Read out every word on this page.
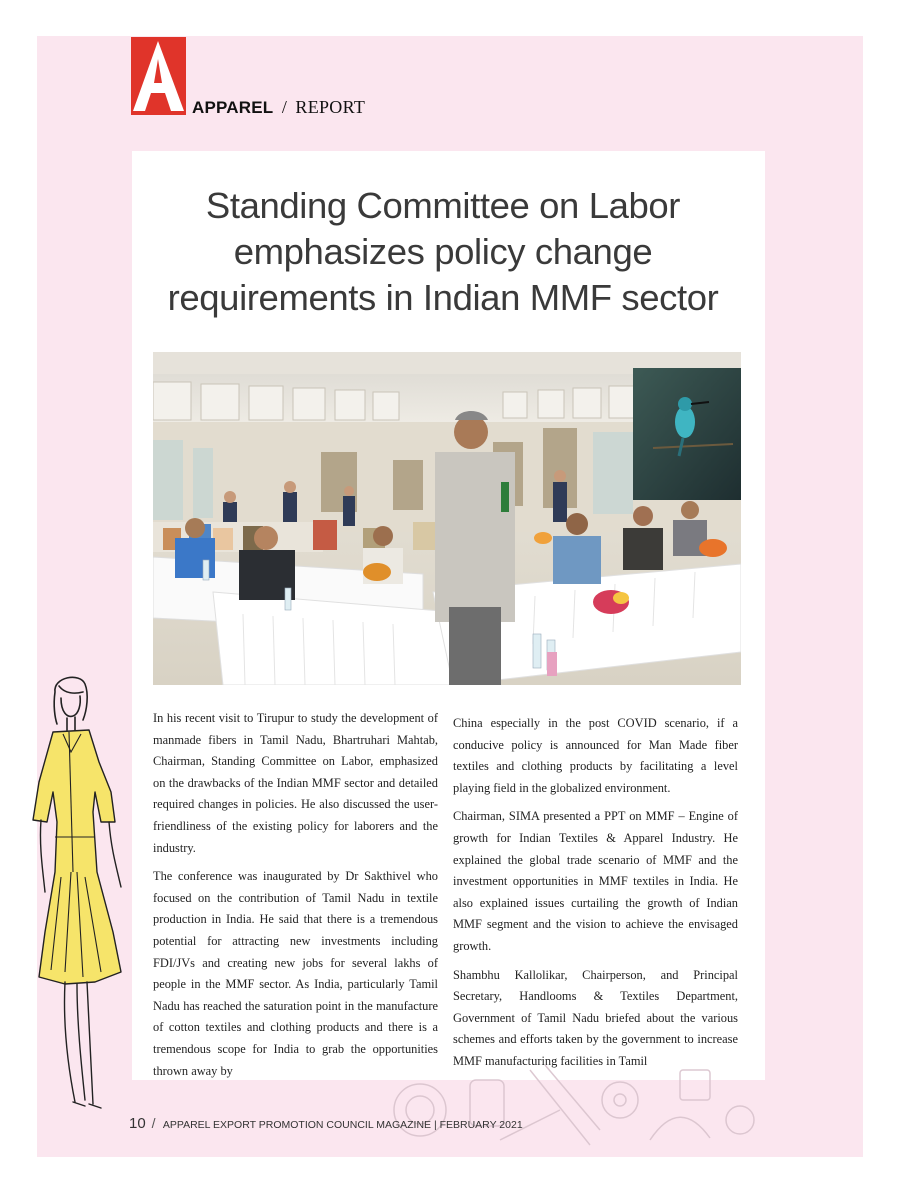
APPAREL / REPORT
Standing Committee on Labor
emphasizes policy change
requirements in Indian MMF sector

In his recent visit to Tirupur to study the development of manmade fibers in Tamil Nadu, Bhartruhari Mahtab, Chairman, Standing Committee on Labor, emphasized on the drawbacks of the Indian MMF sector and detailed required changes in policies. He also discussed the user-friendliness of the existing policy for laborers and the industry.

The conference was inaugurated by Dr Sakthivel who focused on the contribution of Tamil Nadu in textile production in India. He said that there is a tremendous potential for attracting new investments including FDI/JVs and creating new jobs for several lakhs of people in the MMF sector. As India, particularly Tamil Nadu has reached the saturation point in the manufacture of cotton textiles and clothing products and there is a tremendous scope for India to grab the opportunities thrown away by

China especially in the post COVID scenario, if a conducive policy is announced for Man Made fiber textiles and clothing products by facilitating a level playing field in the globalized environment.

Chairman, SIMA presented a PPT on MMF – Engine of growth for Indian Textiles & Apparel Industry. He explained the global trade scenario of MMF and the investment opportunities in MMF textiles in India. He also explained issues curtailing the growth of Indian MMF segment and the vision to achieve the envisaged growth.

Shambhu Kallolikar, Chairperson, and Principal Secretary, Handlooms & Textiles Department, Government of Tamil Nadu briefed about the various schemes and efforts taken by the government to increase MMF manufacturing facilities in Tamil

10 / APPAREL EXPORT PROMOTION COUNCIL MAGAZINE | FEBRUARY 2021
